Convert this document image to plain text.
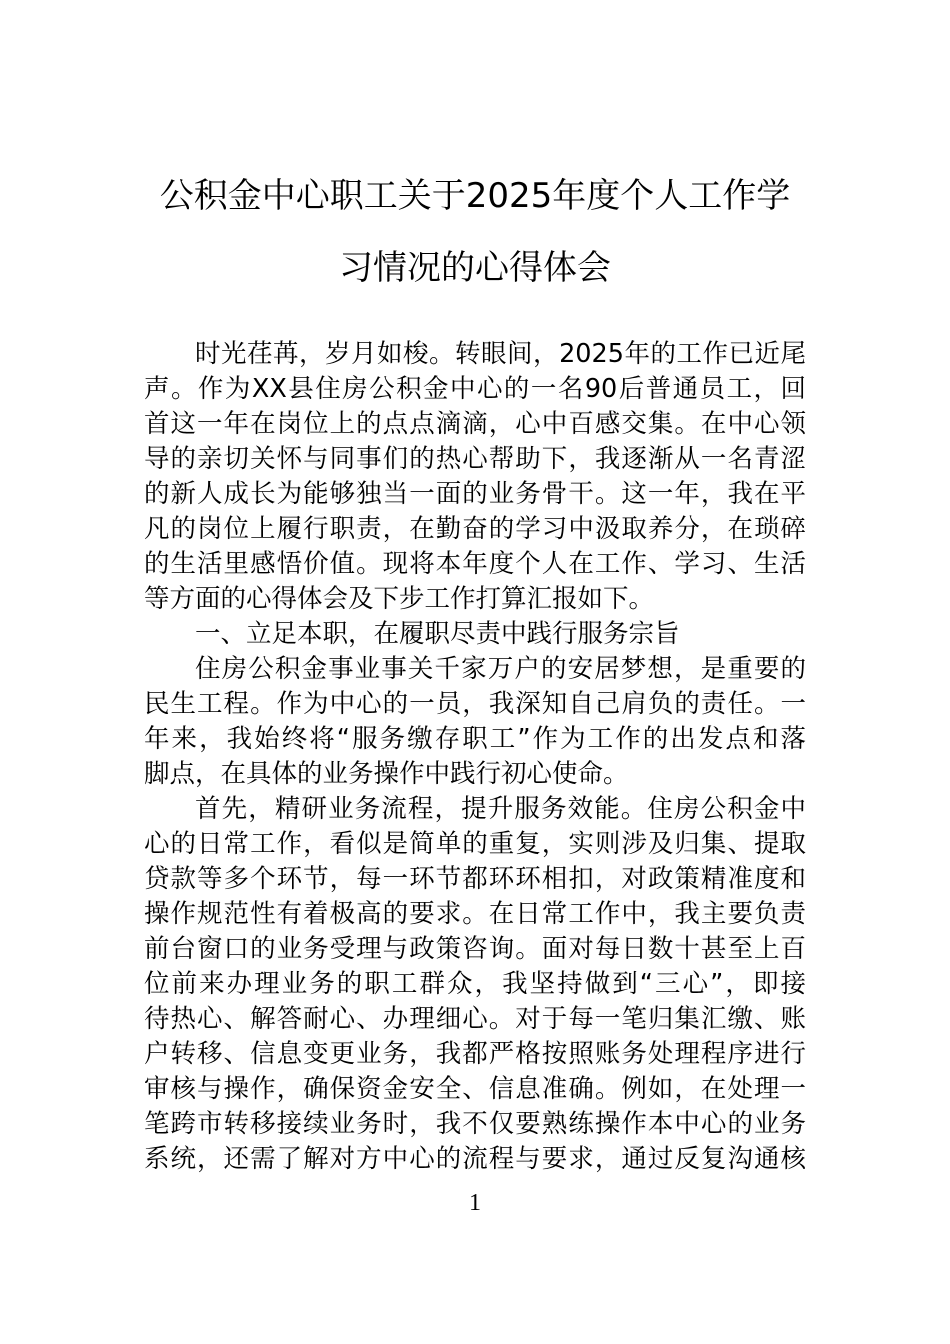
公积金中心职工关于2025年度个人工作学
习情况的心得体会
时光荏苒，岁月如梭。转眼间，2025年的工作已近尾
声。作为XX县住房公积金中心的一名90后普通员工，回
首这一年在岗位上的点点滴滴，心中百感交集。在中心领
导的亲切关怀与同事们的热心帮助下，我逐渐从一名青涩
的新人成长为能够独当一面的业务骨干。这一年，我在平
凡的岗位上履行职责，在勤奋的学习中汲取养分，在琐碎
的生活里感悟价值。现将本年度个人在工作、学习、生活
等方面的心得体会及下步工作打算汇报如下。
一、立足本职，在履职尽责中践行服务宗旨
住房公积金事业事关千家万户的安居梦想，是重要的
民生工程。作为中心的一员，我深知自己肩负的责任。一
年来，我始终将“服务缴存职工”作为工作的出发点和落
脚点，在具体的业务操作中践行初心使命。
首先，精研业务流程，提升服务效能。住房公积金中
心的日常工作，看似是简单的重复，实则涉及归集、提取
贷款等多个环节，每一环节都环环相扣，对政策精准度和
操作规范性有着极高的要求。在日常工作中，我主要负责
前台窗口的业务受理与政策咨询。面对每日数十甚至上百
位前来办理业务的职工群众，我坚持做到“三心”，即接
待热心、解答耐心、办理细心。对于每一笔归集汇缴、账
户转移、信息变更业务，我都严格按照账务处理程序进行
审核与操作，确保资金安全、信息准确。例如，在处理一
笔跨市转移接续业务时，我不仅要熟练操作本中心的业务
系统，还需了解对方中心的流程与要求，通过反复沟通核
1
